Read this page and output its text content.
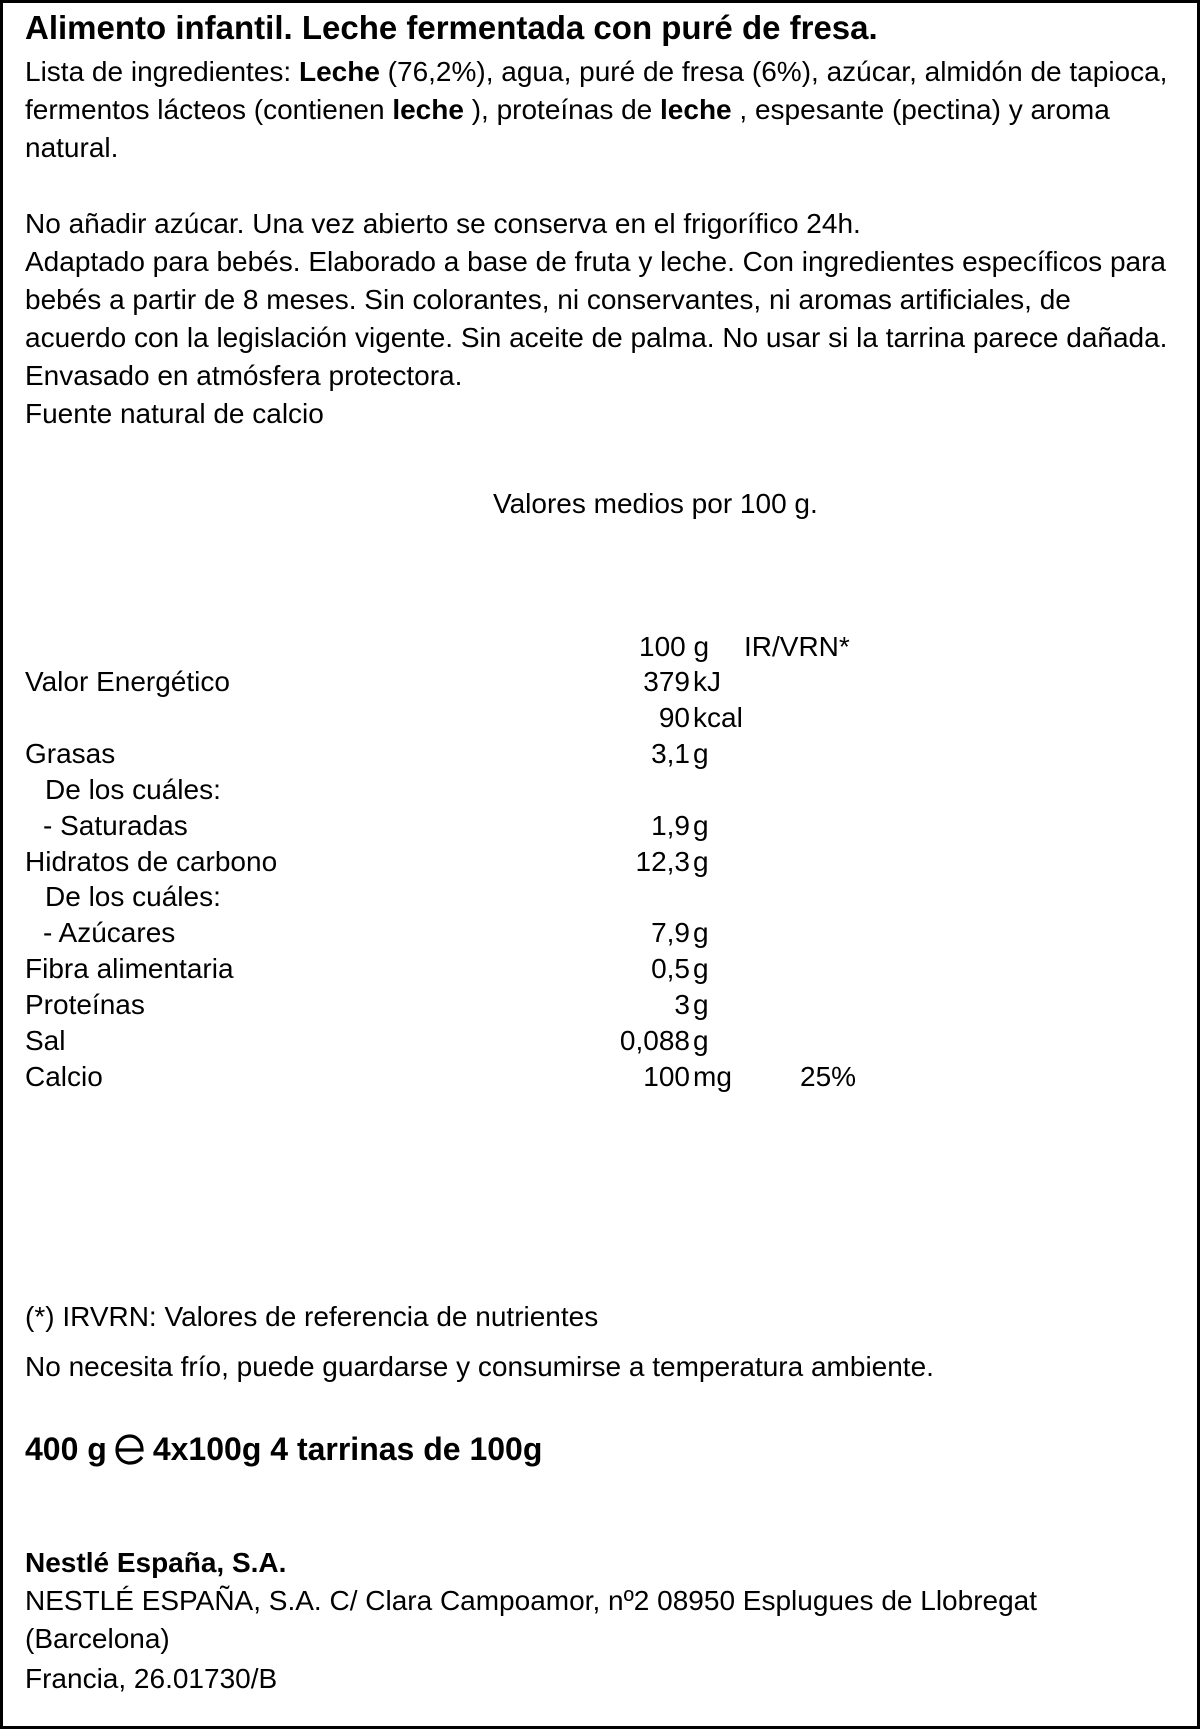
Alimento infantil. Leche fermentada con puré de fresa.

Lista de ingredientes: Leche (76,2%), agua, puré de fresa (6%), azúcar, almidón de tapioca, fermentos lácteos (contienen leche ), proteínas de leche , espesante (pectina) y aroma natural.

No añadir azúcar. Una vez abierto se conserva en el frigorífico 24h.

Adaptado para bebés. Elaborado a base de fruta y leche. Con ingredientes específicos para bebés a partir de 8 meses. Sin colorantes, ni conservantes, ni aromas artificiales, de acuerdo con la legislación vigente. Sin aceite de palma. No usar si la tarrina parece dañada. Envasado en atmósfera protectora.

Fuente natural de calcio

Valores medios por 100 g.
100 g IR/VRN*
Valor Energético	379 kJ
90 kcal
Grasas	3,1 g
De los cuáles:
- Saturadas	1,9 g
Hidratos de carbono	12,3 g
De los cuáles:
- Azúcares	7,9 g
Fibra alimentaria	0,5 g
Proteínas	3 g
Sal	0,088 g
Calcio	100 mg 25%
(*) IRVRN: Valores de referencia de nutrientes
No necesita frío, puede guardarse y consumirse a temperatura ambiente.
400 g 4x100g 4 tarrinas de 100g
Nestlé España, S.A.
NESTLÉ ESPAÑA, S.A. C/ Clara Campoamor, nº2 08950 Esplugues de Llobregat (Barcelona)
Francia, 26.01730/B
